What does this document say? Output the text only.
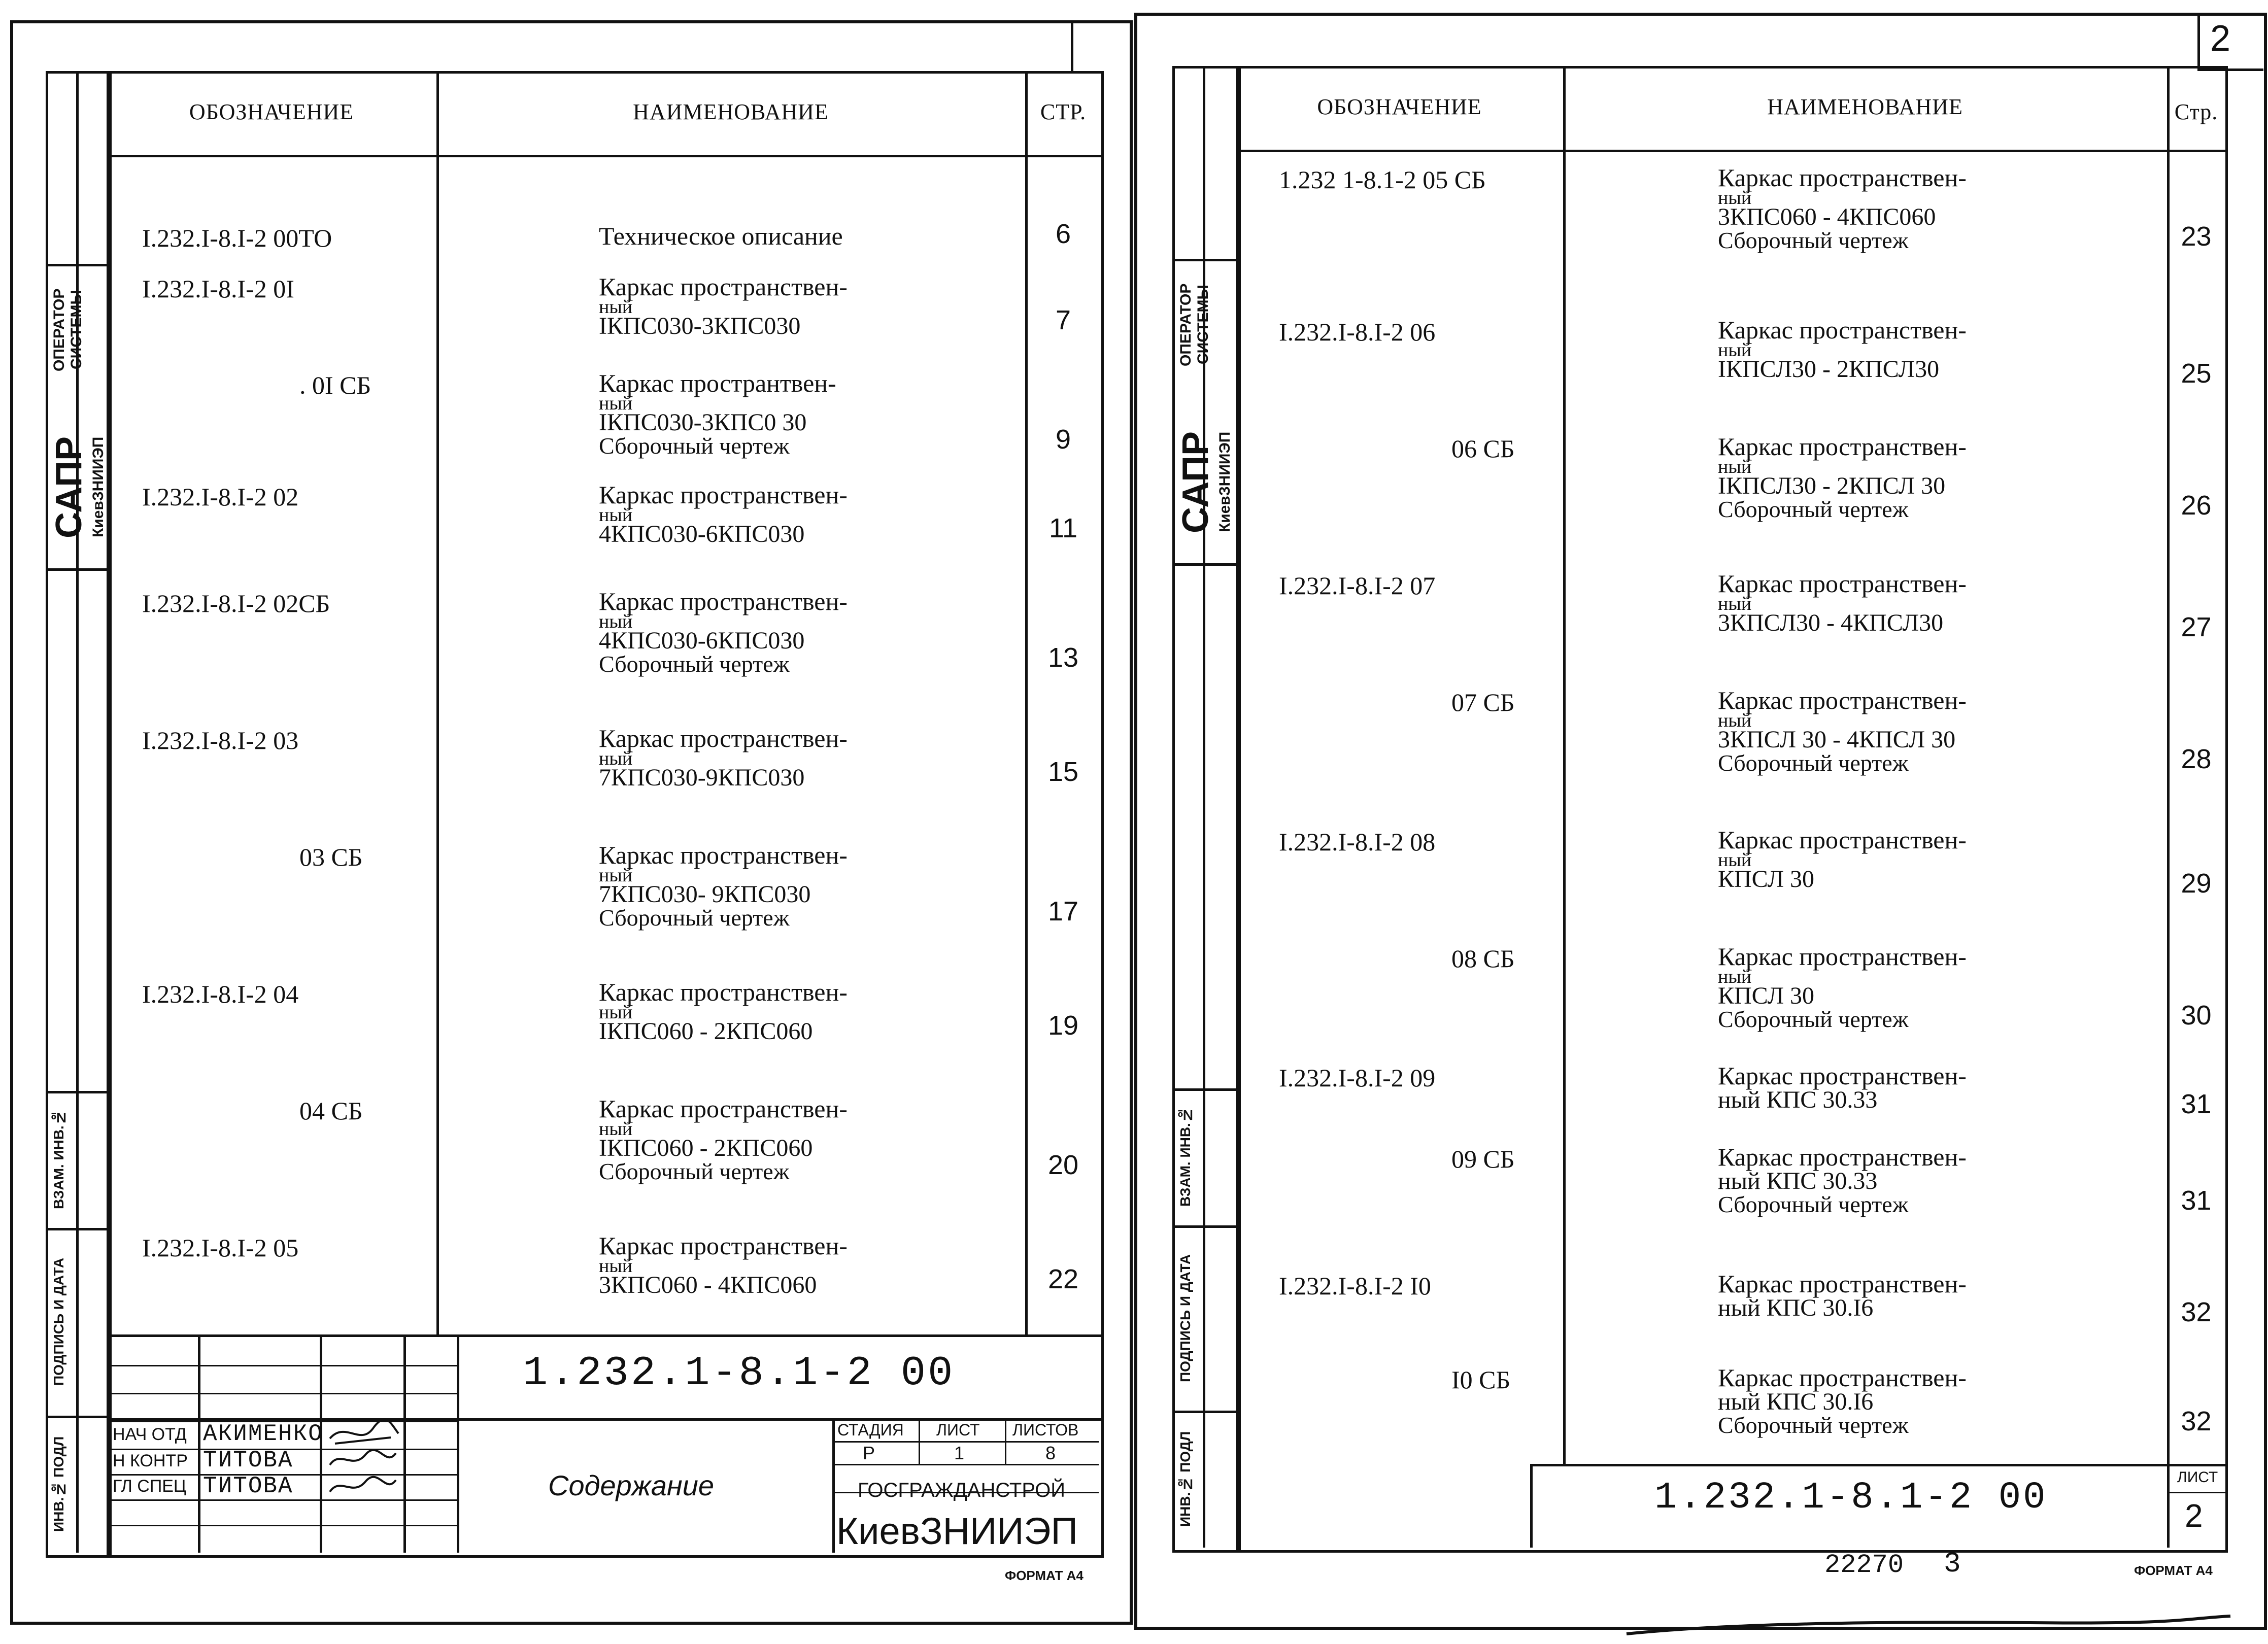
ОПЕРАТОР
СИСТЕМЫ
САПР КиевЗНИИЭП
ВЗАМ. ИНВ.№
ПОДПИСЬ И ДАТА
ИНВ.№ ПОДЛ
ОБОЗНАЧЕНИЕ	НАИМЕНОВАНИЕ	СТР.
I.232.I-8.I-2 00ТО	Техническое описание	6
I.232.I-8.I-2 0I	Каркас пространствен-
ный
IКПС030-3КПС030	7
. 0I СБ	Каркас пространтвен-
ный
IКПС030-3КПС0 30
Сборочный чертеж	9
I.232.I-8.I-2 02	Каркас пространствен-
ный
4КПС030-6КПС030	11
I.232.I-8.I-2 02СБ	Каркас пространствен-
ный
4КПС030-6КПС030
Сборочный чертеж	13
I.232.I-8.I-2 03	Каркас пространствен-
ный
7КПС030-9КПС030	15
03 СБ	Каркас пространствен-
ный
7КПС030- 9КПС030
Сборочный чертеж	17
I.232.I-8.I-2 04	Каркас пространствен-
ный
IКПС060 - 2КПС060	19
04 СБ	Каркас пространствен-
ный
IКПС060 - 2КПС060
Сборочный чертеж	20
I.232.I-8.I-2 05	Каркас пространствен-
ный
3КПС060 - 4КПС060	22
1.232.1-8.1-2 00
НАЧ ОТД
Н КОНТР
ГЛ СПЕЦ
АКИМЕНКО
ТИТОВА
ТИТОВА	Содержание
СТАДИЯ ЛИСТ ЛИСТОВ
Р	1	8
ГОСГРАЖДАНСТРОЙ
КиевЗНИИЭП
ФОРМАТ А4
2
ОПЕРАТОР
СИСТЕМЫ
САПР КиевЗНИИЭП
ВЗАМ. ИНВ.№
ПОДПИСЬ И ДАТА
ИНВ.№ ПОДЛ
ОБОЗНАЧЕНИЕ	НАИМЕНОВАНИЕ	Стр.
1.232 1-8.1-2 05 СБ	Каркас пространствен-
ный
3КПС060 - 4КПС060
Сборочный чертеж	23
I.232.I-8.I-2 06	Каркас пространствен-
ный
IКПСЛ30 - 2КПСЛ30	25
06 СБ	Каркас пространствен-
ный
IКПСЛ30 - 2КПСЛ 30
Сборочный чертеж	26
I.232.I-8.I-2 07	Каркас пространствен-
ный
3КПСЛ30 - 4КПСЛ30	27
07 СБ	Каркас пространствен-
ный
3КПСЛ 30 - 4КПСЛ 30
Сборочный чертеж	28
I.232.I-8.I-2 08	Каркас пространствен-
ный
КПСЛ 30	29
08 СБ	Каркас пространствен-
ный
КПСЛ 30
Сборочный чертеж	30
I.232.I-8.I-2 09	Каркас пространствен-
ный КПС 30.33	31
09 СБ	Каркас пространствен-
ный КПС 30.33
Сборочный чертеж	31
I.232.I-8.I-2 I0	Каркас пространствен-
ный КПС 30.I6	32
I0 СБ	Каркас пространствен-
ный КПС 30.I6
Сборочный чертеж	32
1.232.1-8.1-2 00	ЛИСТ
2
22270 3	ФОРМАТ А4
